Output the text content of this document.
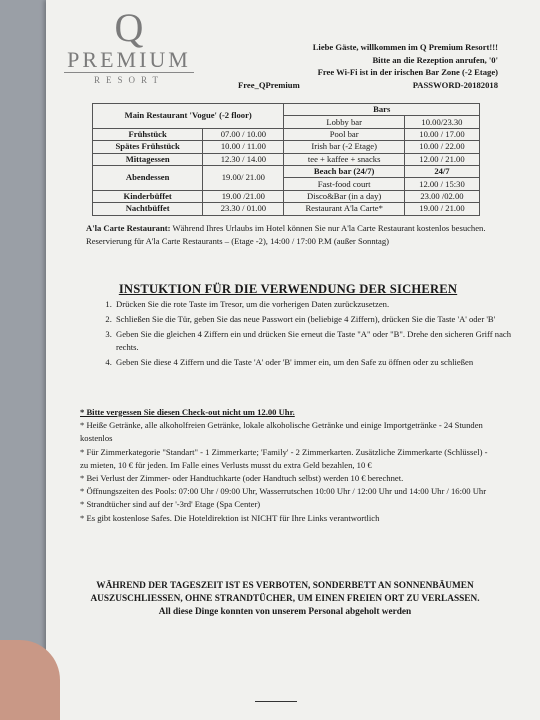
Q
PREMIUM
RESORT
Liebe Gäste, willkommen im Q Premium Resort!!!
Bitte an die Rezeption anrufen, '0'
Free Wi-Fi ist in der irischen Bar Zone (-2 Etage)
Free_QPremium	PASSWORD-20182018
Main Restaurant 'Vogue' (-2 floor)		Bars	
		Lobby bar	10.00/23.30
Frühstück	07.00 / 10.00	Pool bar	10.00 / 17.00
Spätes Frühstück	10.00 / 11.00	Irish bar (-2 Etage)	10.00 / 22.00
Mittagessen	12.30 / 14.00	tee + kaffee + snacks	12.00 / 21.00
Abendessen	19.00/ 21.00	Beach bar (24/7)	24/7
		Fast-food court	12.00 / 15:30
Kinderbüffet	19.00 /21.00	Disco&Bar (in a day)	23.00 /02.00
Nachtbüffet	23.30 / 01.00	Restaurant A'la Carte*	19.00 / 21.00
A'la Carte Restaurant: Während Ihres Urlaubs im Hotel können Sie nur A'la Carte Restaurant kostenlos besuchen. Reservierung für A'la Carte Restaurants – (Etage -2), 14:00 / 17:00 P.M (außer Sonntag)
INSTUKTION FÜR DIE VERWENDUNG DER SICHEREN
1. Drücken Sie die rote Taste im Tresor, um die vorherigen Daten zurückzusetzen.
2. Schließen Sie die Tür, geben Sie das neue Passwort ein (beliebige 4 Ziffern), drücken Sie die Taste 'A' oder 'B'
3. Geben Sie die gleichen 4 Ziffern ein und drücken Sie erneut die Taste "A" oder "B". Drehe den sicheren Griff nach rechts.
4. Geben Sie diese 4 Ziffern und die Taste 'A' oder 'B' immer ein, um den Safe zu öffnen oder zu schließen
* Bitte vergessen Sie diesen Check-out nicht um 12.00 Uhr.
* Heiße Getränke, alle alkoholfreien Getränke, lokale alkoholische Getränke und einige Importgetränke - 24 Stunden kostenlos
* Für Zimmerkategorie "Standart" - 1 Zimmerkarte; 'Family' - 2 Zimmerkarten. Zusätzliche Zimmerkarte (Schlüssel) - zu mieten, 10 € für jeden. Im Falle eines Verlusts musst du extra Geld bezahlen, 10 €
* Bei Verlust der Zimmer- oder Handtuchkarte (oder Handtuch selbst) werden 10 € berechnet.
* Öffnungszeiten des Pools: 07:00 Uhr / 09:00 Uhr, Wasserrutschen 10:00 Uhr / 12:00 Uhr und 14:00 Uhr / 16:00 Uhr
* Strandtücher sind auf der '-3rd' Etage (Spa Center)
* Es gibt kostenlose Safes. Die Hoteldirektion ist NICHT für Ihre Links verantwortlich
WÄHREND DER TAGESZEIT IST ES VERBOTEN, SONDERBETT AN SONNENBÄUMEN AUSZUSCHLIESSEN, OHNE STRANDTÜCHER, UM EINEN FREIEN ORT ZU VERLASSEN. All diese Dinge konnten von unserem Personal abgeholt werden
